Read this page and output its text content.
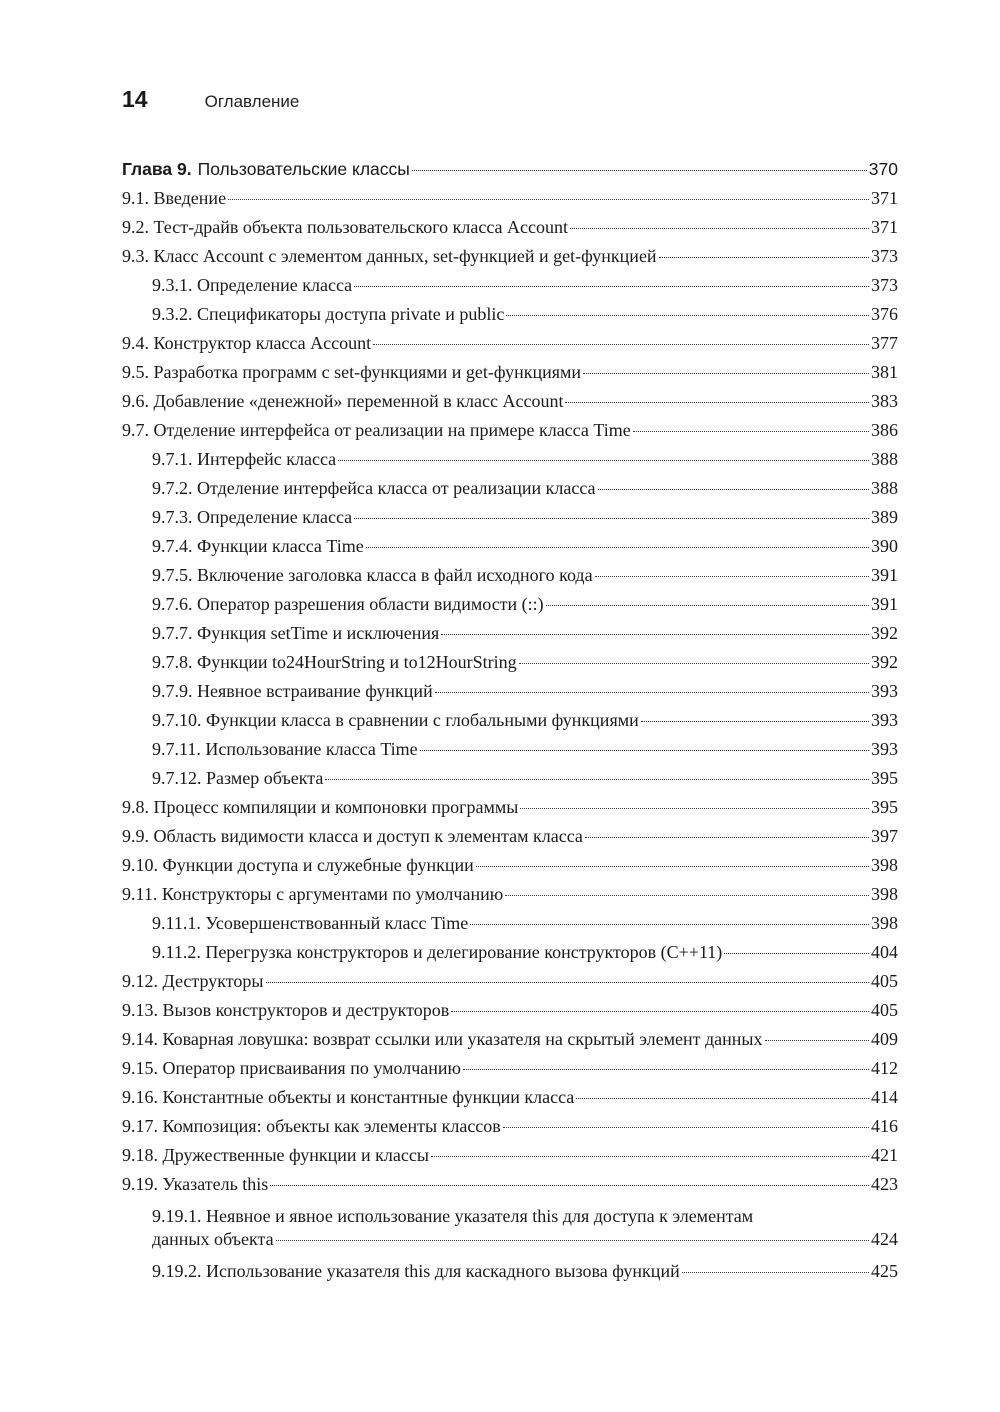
14	Оглавление
Глава 9. Пользовательские классы	370
9.1. Введение	371
9.2. Тест-драйв объекта пользовательского класса Account	371
9.3. Класс Account с элементом данных, set-функцией и get-функцией	373
9.3.1. Определение класса	373
9.3.2. Спецификаторы доступа private и public	376
9.4. Конструктор класса Account	377
9.5. Разработка программ с set-функциями и get-функциями	381
9.6. Добавление «денежной» переменной в класс Account	383
9.7. Отделение интерфейса от реализации на примере класса Time	386
9.7.1. Интерфейс класса	388
9.7.2. Отделение интерфейса класса от реализации класса	388
9.7.3. Определение класса	389
9.7.4. Функции класса Time	390
9.7.5. Включение заголовка класса в файл исходного кода	391
9.7.6. Оператор разрешения области видимости (::)	391
9.7.7. Функция setTime и исключения	392
9.7.8. Функции to24HourString и to12HourString	392
9.7.9. Неявное встраивание функций	393
9.7.10. Функции класса в сравнении с глобальными функциями	393
9.7.11. Использование класса Time	393
9.7.12. Размер объекта	395
9.8. Процесс компиляции и компоновки программы	395
9.9. Область видимости класса и доступ к элементам класса	397
9.10. Функции доступа и служебные функции	398
9.11. Конструкторы с аргументами по умолчанию	398
9.11.1. Усовершенствованный класс Time	398
9.11.2. Перегрузка конструкторов и делегирование конструкторов (C++11)	404
9.12. Деструкторы	405
9.13. Вызов конструкторов и деструкторов	405
9.14. Коварная ловушка: возврат ссылки или указателя на скрытый элемент данных	409
9.15. Оператор присваивания по умолчанию	412
9.16. Константные объекты и константные функции класса	414
9.17. Композиция: объекты как элементы классов	416
9.18. Дружественные функции и классы	421
9.19. Указатель this	423
9.19.1. Неявное и явное использование указателя this для доступа к элементам
данных объекта	424
9.19.2. Использование указателя this для каскадного вызова функций	425
